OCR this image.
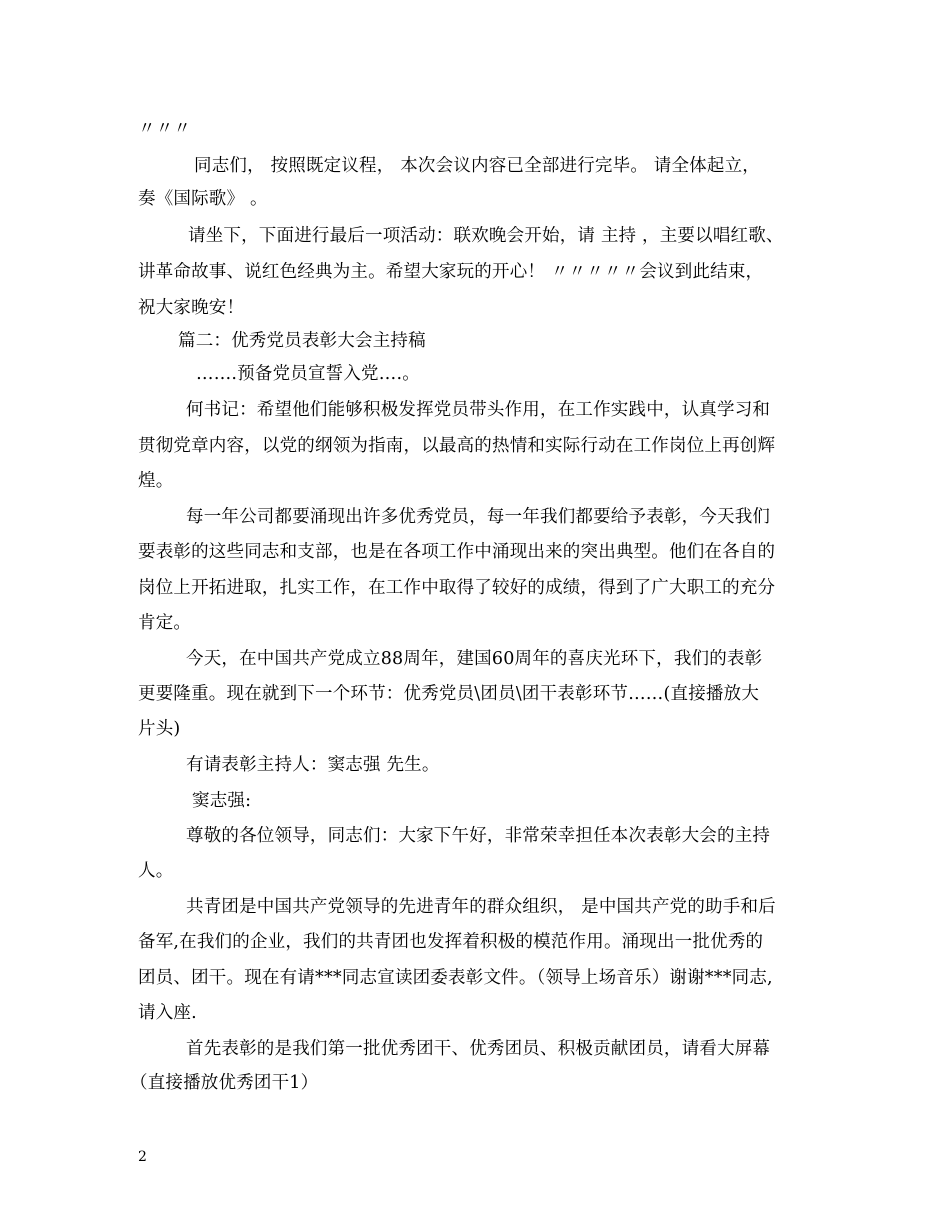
〃〃〃
同志们， 按照既定议程， 本次会议内容已全部进行完毕。 请全体起立，
奏《国际歌》 。
请坐下，下面进行最后一项活动：联欢晚会开始，请 主持 ，主要以唱红歌、
讲革命故事、说红色经典为主。希望大家玩的开心！ 〃〃〃〃〃会议到此结束，
祝大家晚安！
篇二：优秀党员表彰大会主持稿
…….预备党员宣誓入党….。
何书记：希望他们能够积极发挥党员带头作用，在工作实践中，认真学习和
贯彻党章内容，以党的纲领为指南，以最高的热情和实际行动在工作岗位上再创辉
煌。
每一年公司都要涌现出许多优秀党员，每一年我们都要给予表彰，今天我们
要表彰的这些同志和支部，也是在各项工作中涌现出来的突出典型。他们在各自的
岗位上开拓进取，扎实工作，在工作中取得了较好的成绩，得到了广大职工的充分
肯定。
今天，在中国共产党成立88周年，建国60周年的喜庆光环下，我们的表彰
更要隆重。现在就到下一个环节：优秀党员\团员\团干表彰环节……(直接播放大
片头)
有请表彰主持人：窦志强 先生。
窦志强:
尊敬的各位领导，同志们：大家下午好，非常荣幸担任本次表彰大会的主持
人。
共青团是中国共产党领导的先进青年的群众组织， 是中国共产党的助手和后
备军,在我们的企业，我们的共青团也发挥着积极的模范作用。涌现出一批优秀的
团员、团干。现在有请***同志宣读团委表彰文件。（领导上场音乐）谢谢***同志,
请入座.
首先表彰的是我们第一批优秀团干、优秀团员、积极贡献团员，请看大屏幕
（直接播放优秀团干1）
2
